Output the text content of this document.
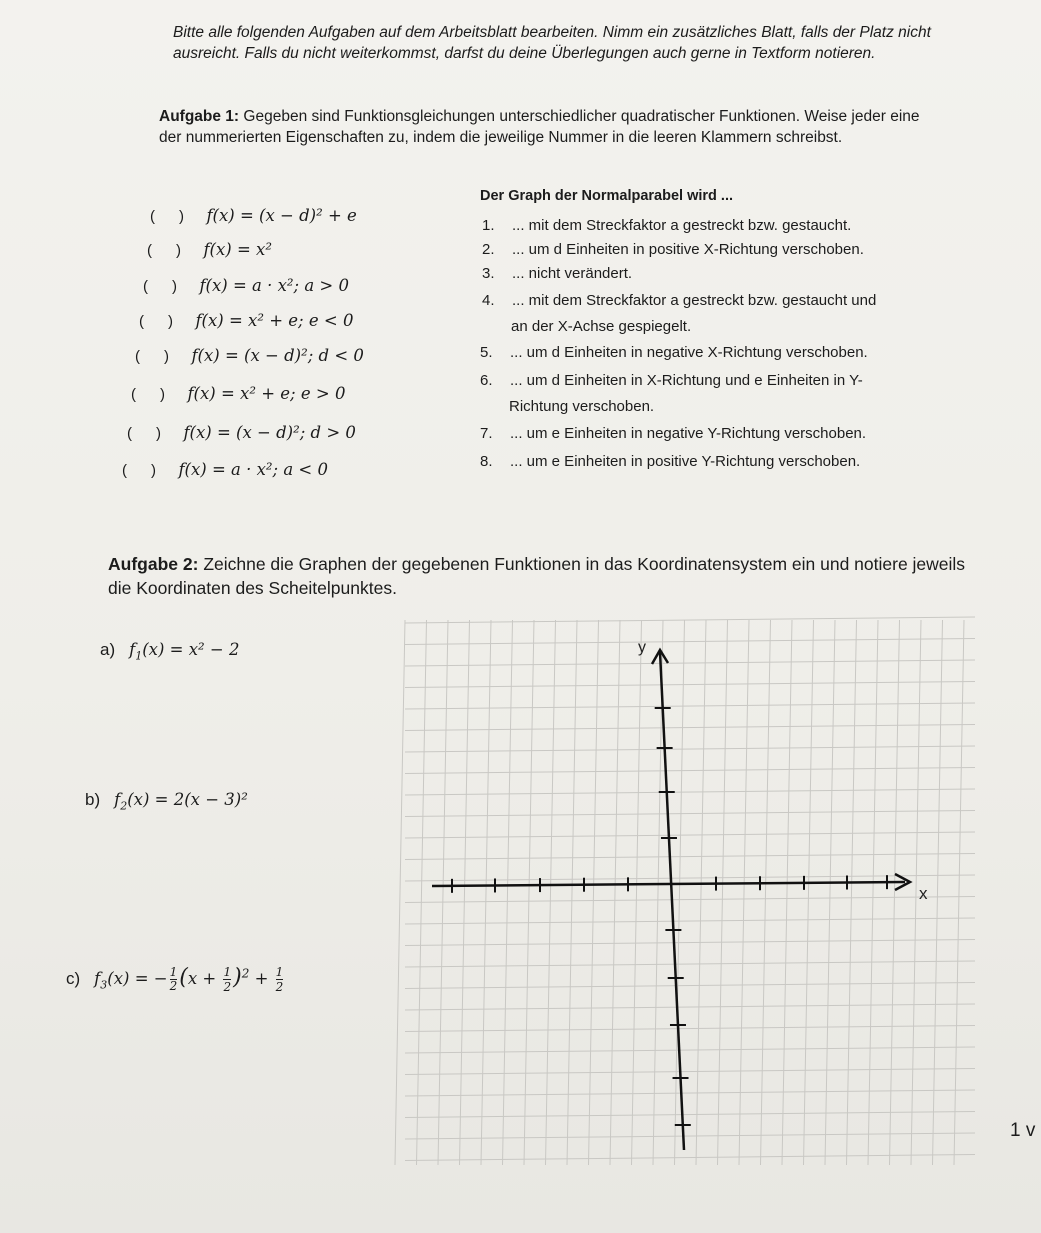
Bitte alle folgenden Aufgaben auf dem Arbeitsblatt bearbeiten. Nimm ein zusätzliches Blatt, falls der Platz nicht ausreicht. Falls du nicht weiterkommst, darfst du deine Überlegungen auch gerne in Textform notieren.
Aufgabe 1: Gegeben sind Funktionsgleichungen unterschiedlicher quadratischer Funktionen. Weise jeder eine der nummerierten Eigenschaften zu, indem die jeweilige Nummer in die leeren Klammern schreibst.
( ) f(x) = (x − d)² + e
( ) f(x) = x²
( ) f(x) = a · x²; a > 0
( ) f(x) = x² + e; e < 0
( ) f(x) = (x − d)²; d < 0
( ) f(x) = x² + e; e > 0
( ) f(x) = (x − d)²; d > 0
( ) f(x) = a · x²; a < 0
Der Graph der Normalparabel wird ...
1. ... mit dem Streckfaktor a gestreckt bzw. gestaucht.
2. ... um d Einheiten in positive X-Richtung verschoben.
3. ... nicht verändert.
4. ... mit dem Streckfaktor a gestreckt bzw. gestaucht und
an der X-Achse gespiegelt.
5. ... um d Einheiten in negative X-Richtung verschoben.
6. ... um d Einheiten in X-Richtung und e Einheiten in Y-
Richtung verschoben.
7. ... um e Einheiten in negative Y-Richtung verschoben.
8. ... um e Einheiten in positive Y-Richtung verschoben.
Aufgabe 2: Zeichne die Graphen der gegebenen Funktionen in das Koordinatensystem ein und notiere jeweils die Koordinaten des Scheitelpunktes.
a) $f_1(x) = x^2 - 2$
b) $f_2(x) = 2(x - 3)^2$
c) $f_3(x)$ = − $\frac{1}{2} (x + \frac{1}{2} )^2 + \frac{1}{2}$
x
y
1 v
